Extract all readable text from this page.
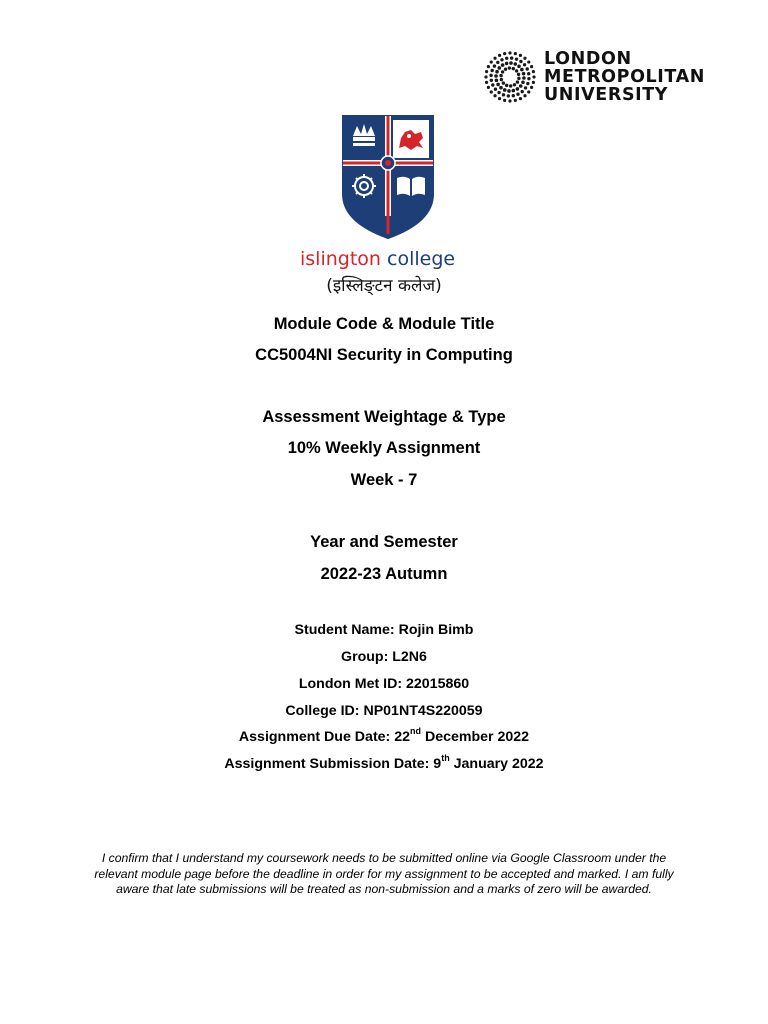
LONDON
METROPOLITAN
UNIVERSITY
islington college
(इस्लिङ्टन कलेज)
Module Code & Module Title
CC5004NI Security in Computing
Assessment Weightage & Type
10% Weekly Assignment
Week - 7
Year and Semester
2022-23 Autumn
Student Name: Rojin Bimb
Group: L2N6
London Met ID: 22015860
College ID: NP01NT4S220059
Assignment Due Date: 22nd December 2022
Assignment Submission Date: 9th January 2022
I confirm that I understand my coursework needs to be submitted online via Google Classroom under the relevant module page before the deadline in order for my assignment to be accepted and marked. I am fully aware that late submissions will be treated as non-submission and a marks of zero will be awarded.
